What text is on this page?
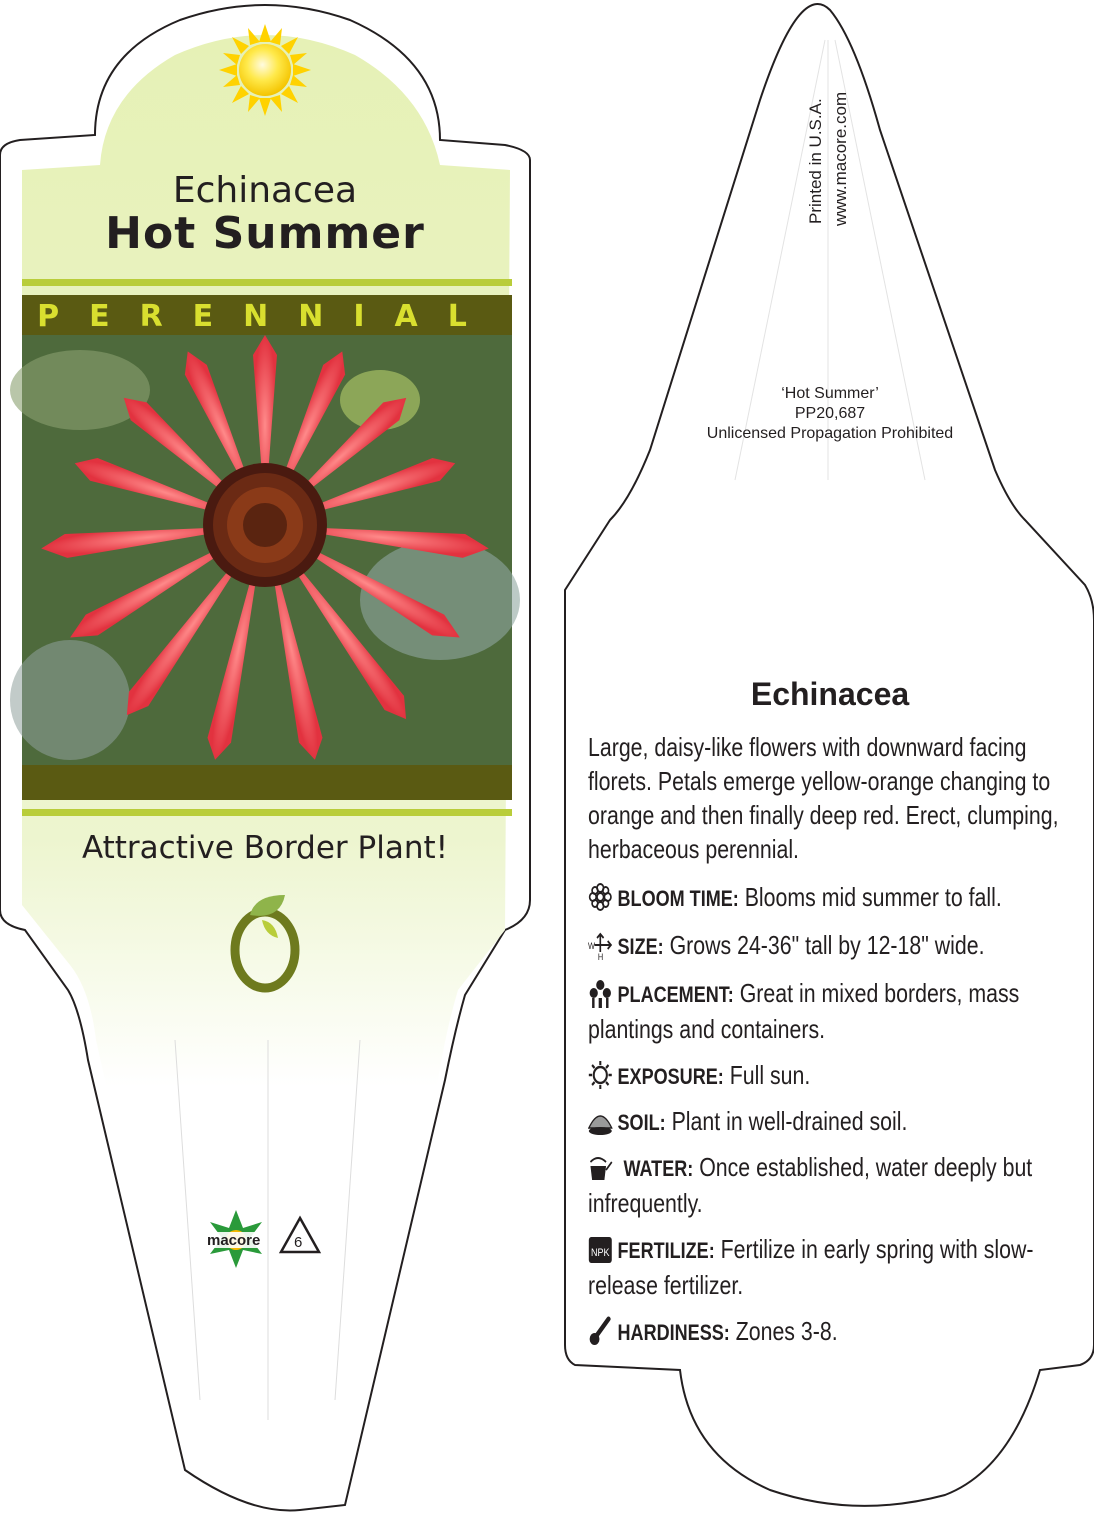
Echinacea
Hot Summer
PERENNIAL
Attractive Border Plant!
macore 6
Printed in U.S.A. www.macore.com
‘Hot Summer’
PP20,687
Unlicensed Propagation Prohibited
Echinacea
Large, daisy-like flowers with downward facing florets. Petals emerge yellow-orange changing to orange and then finally deep red. Erect, clumping, herbaceous perennial.
BLOOM TIME: Blooms mid summer to fall.
W
H SIZE: Grows 24-36" tall by 12-18" wide.
PLACEMENT: Great in mixed borders, mass plantings and containers.
EXPOSURE: Full sun.
SOIL: Plant in well-drained soil.
WATER: Once established, water deeply but infrequently.
NPK FERTILIZE: Fertilize in early spring with slow-release fertilizer.
HARDINESS: Zones 3-8.
